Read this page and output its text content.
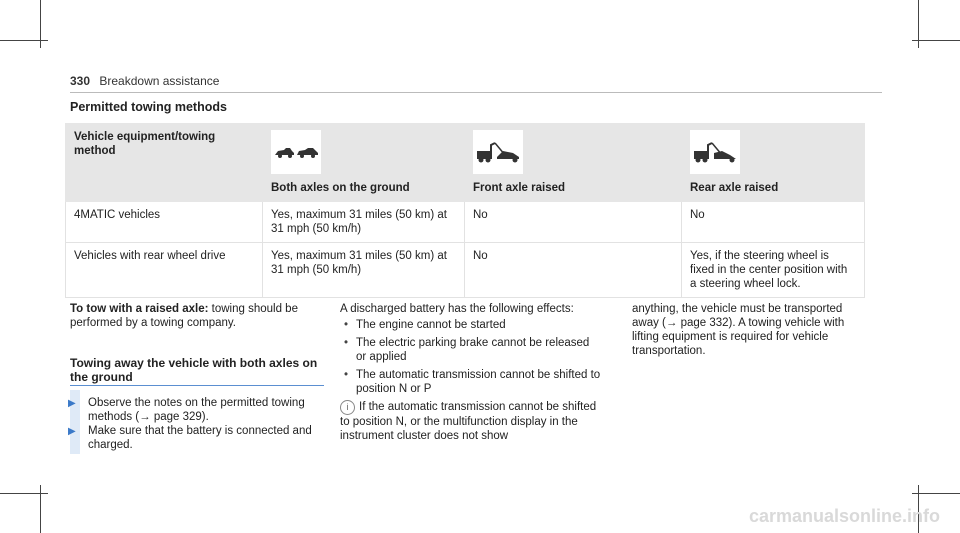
330 Breakdown assistance
Permitted towing methods
Vehicle equipment/towing method	Both axles on the ground	Front axle raised	Rear axle raised

4MATIC vehicles	Yes, maximum 31 miles (50 km) at 31 mph (50 km/h)	No	No
Vehicles with rear wheel drive	Yes, maximum 31 miles (50 km) at 31 mph (50 km/h)	No	Yes, if the steering wheel is fixed in the center position with a steering wheel lock.
To tow with a raised axle: towing should be performed by a towing company.
Towing away the vehicle with both axles on the ground
▶ Observe the notes on the permitted towing methods (→ page 329).
▶ Make sure that the battery is connected and charged.
A discharged battery has the following effects:
• The engine cannot be started
• The electric parking brake cannot be released or applied
• The automatic transmission cannot be shifted to position N or P
i If the automatic transmission cannot be shifted to position N, or the multifunction display in the instrument cluster does not show
anything, the vehicle must be transported away (→ page 332). A towing vehicle with lifting equipment is required for vehicle transportation.
carmanualsonline.info
